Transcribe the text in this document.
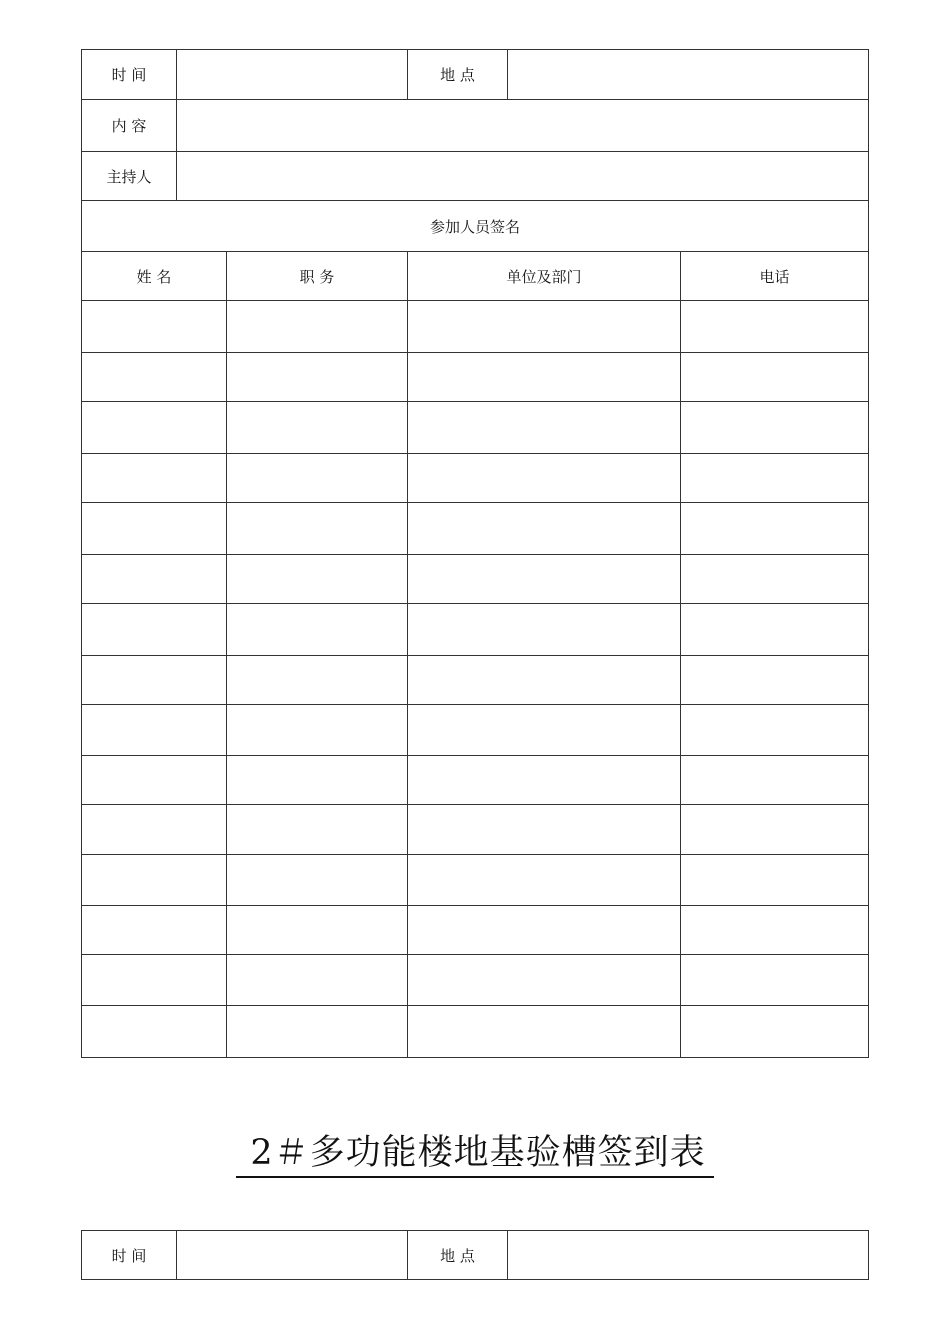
时 间			地 点		
内 容					
主持人					
参加人员签名					
姓 名		职 务	单位及部门		电话

2＃多功能楼地基验槽签到表
时 间		地 点	
